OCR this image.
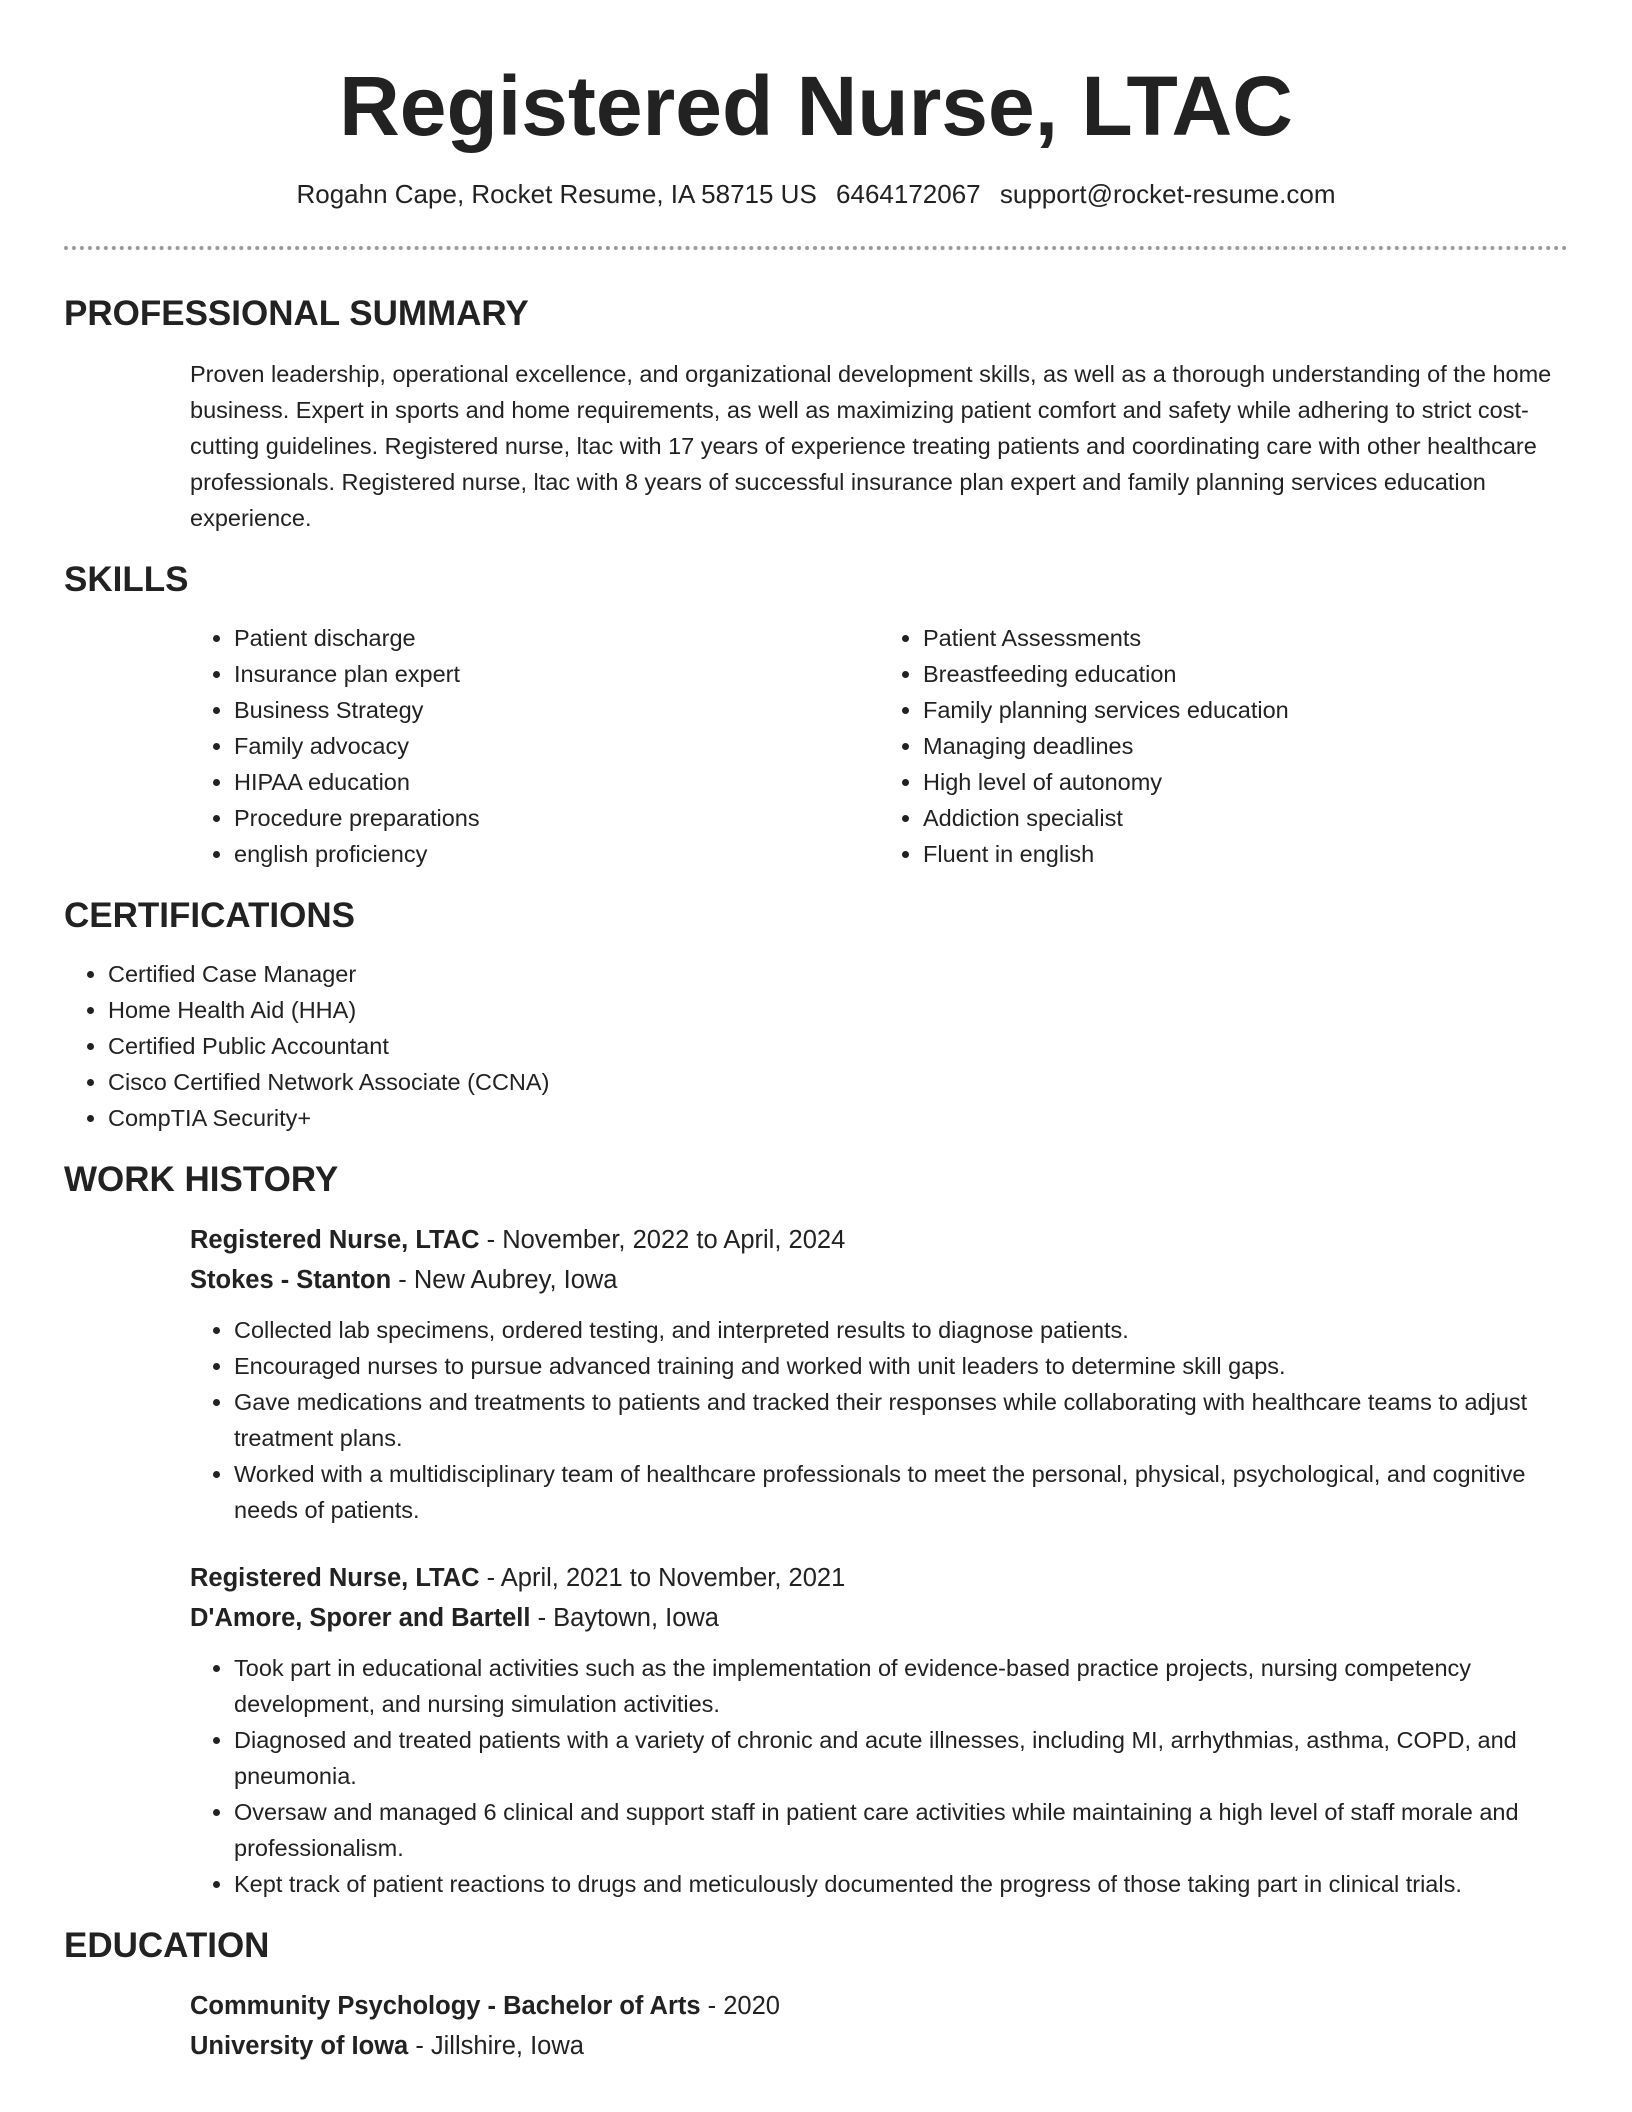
Registered Nurse, LTAC
Rogahn Cape, Rocket Resume, IA 58715 US 6464172067 support@rocket-resume.com
PROFESSIONAL SUMMARY
Proven leadership, operational excellence, and organizational development skills, as well as a thorough understanding of the home business. Expert in sports and home requirements, as well as maximizing patient comfort and safety while adhering to strict cost-cutting guidelines. Registered nurse, ltac with 17 years of experience treating patients and coordinating care with other healthcare professionals. Registered nurse, ltac with 8 years of successful insurance plan expert and family planning services education experience.
SKILLS
• Patient discharge
• Insurance plan expert
• Business Strategy
• Family advocacy
• HIPAA education
• Procedure preparations
• english proficiency
• Patient Assessments
• Breastfeeding education
• Family planning services education
• Managing deadlines
• High level of autonomy
• Addiction specialist
• Fluent in english
CERTIFICATIONS
• Certified Case Manager
• Home Health Aid (HHA)
• Certified Public Accountant
• Cisco Certified Network Associate (CCNA)
• CompTIA Security+
WORK HISTORY
Registered Nurse, LTAC - November, 2022 to April, 2024
Stokes - Stanton - New Aubrey, Iowa
• Collected lab specimens, ordered testing, and interpreted results to diagnose patients.
• Encouraged nurses to pursue advanced training and worked with unit leaders to determine skill gaps.
• Gave medications and treatments to patients and tracked their responses while collaborating with healthcare teams to adjust treatment plans.
• Worked with a multidisciplinary team of healthcare professionals to meet the personal, physical, psychological, and cognitive needs of patients.
Registered Nurse, LTAC - April, 2021 to November, 2021
D'Amore, Sporer and Bartell - Baytown, Iowa
• Took part in educational activities such as the implementation of evidence-based practice projects, nursing competency development, and nursing simulation activities.
• Diagnosed and treated patients with a variety of chronic and acute illnesses, including MI, arrhythmias, asthma, COPD, and pneumonia.
• Oversaw and managed 6 clinical and support staff in patient care activities while maintaining a high level of staff morale and professionalism.
• Kept track of patient reactions to drugs and meticulously documented the progress of those taking part in clinical trials.
EDUCATION
Community Psychology - Bachelor of Arts - 2020
University of Iowa - Jillshire, Iowa
